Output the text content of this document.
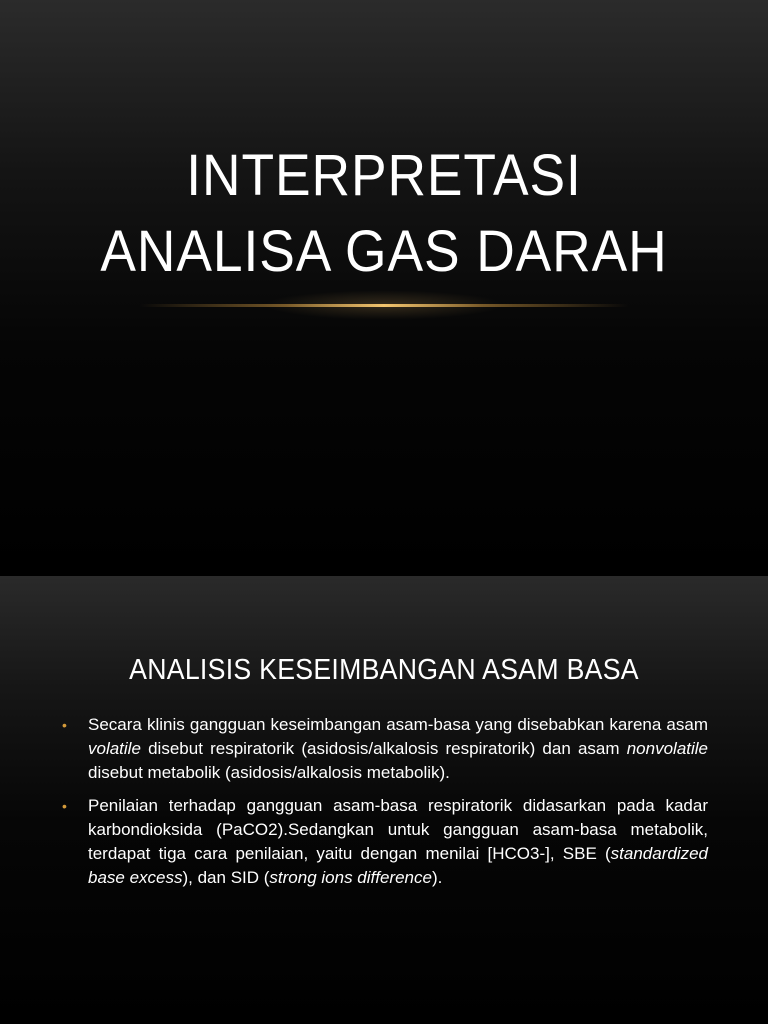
INTERPRETASI
ANALISA GAS DARAH
ANALISIS KESEIMBANGAN ASAM BASA
• Secara klinis gangguan keseimbangan asam-basa yang disebabkan karena asam volatile disebut respiratorik (asidosis/alkalosis respiratorik) dan asam nonvolatile disebut metabolik (asidosis/alkalosis metabolik).
• Penilaian terhadap gangguan asam-basa respiratorik didasarkan pada kadar karbondioksida (PaCO2).Sedangkan untuk gangguan asam-basa metabolik, terdapat tiga cara penilaian, yaitu dengan menilai [HCO3-], SBE (standardized base excess), dan SID (strong ions difference).
